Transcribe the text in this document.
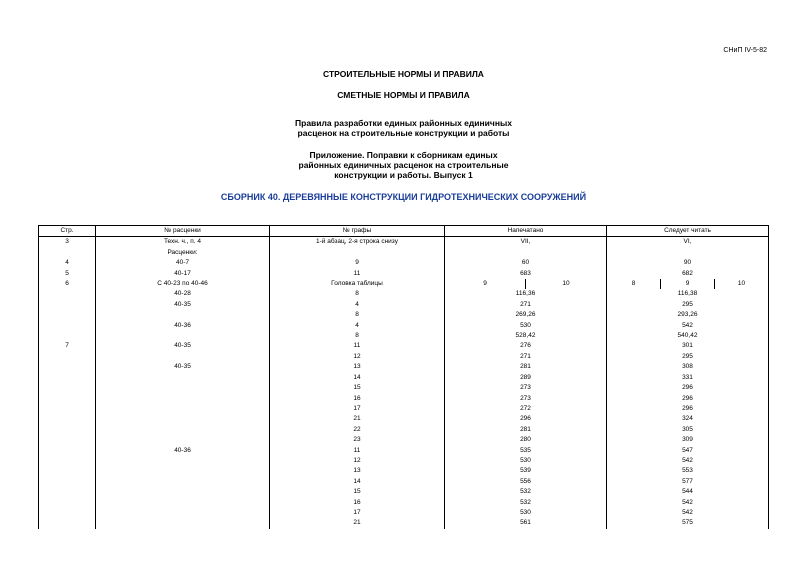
СНиП IV-5-82
СТРОИТЕЛЬНЫЕ НОРМЫ И ПРАВИЛА
СМЕТНЫЕ НОРМЫ И ПРАВИЛА
Правила разработки единых районных единичных
расценок на строительные конструкции и работы
Приложение. Поправки к сборникам единых
районных единичных расценок на строительные
конструкции и работы. Выпуск 1
СБОРНИК 40. ДЕРЕВЯННЫЕ КОНСТРУКЦИИ ГИДРОТЕХНИЧЕСКИХ СООРУЖЕНИЙ
Стр.	№ расценки	№ графы	Напечатано	Следует читать
3	Техн. ч., п. 4	1-й абзац, 2-я строка снизу	VII,	VI,
	Расценки:			
4	40-7	9	60	90
5	40-17	11	683	682
6	С 40-23 по 40-46	Головка таблицы	9 10	8 9 10

	40-28	8	116,36	116,38
	40-35	4	271	295
		8	269,26	293,26
	40-36	4	530	542
		8	528,42	540,42
7	40-35	11	276	301
		12	271	295
	40-35	13	281	308
		14	289	331
		15	273	296
		16	273	296
		17	272	296
		21	296	324
		22	281	305
		23	280	309
	40-36	11	535	547
		12	530	542
		13	539	553
		14	556	577
		15	532	544
		16	532	542
		17	530	542
		21	561	575
